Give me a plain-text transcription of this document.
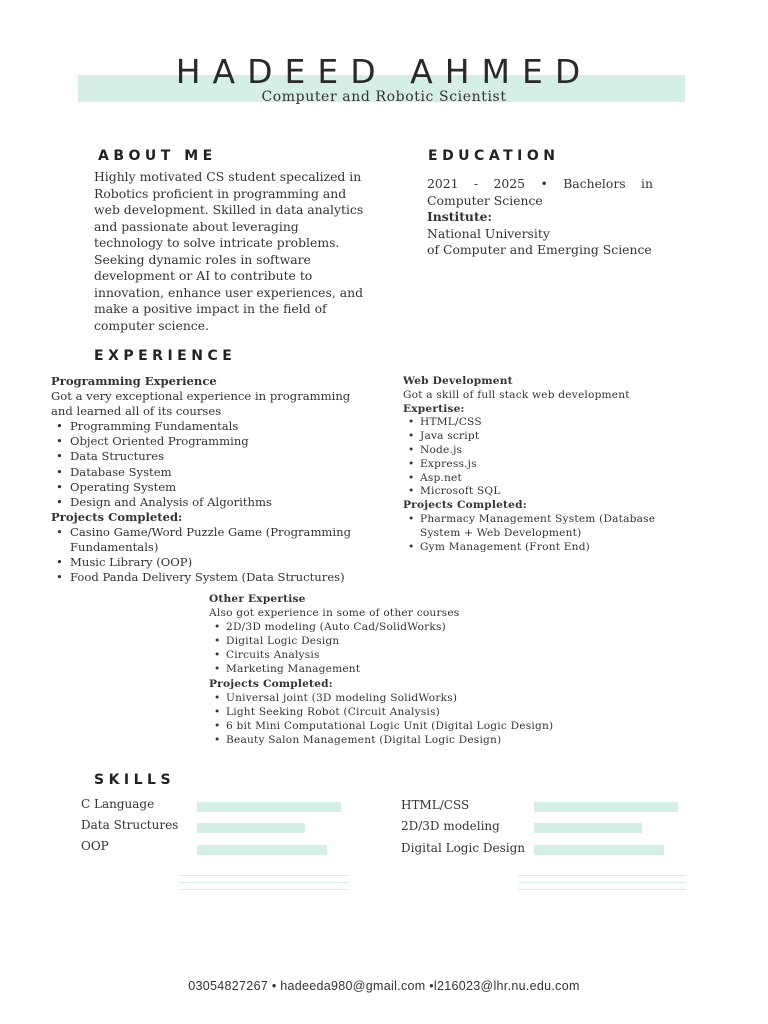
HADEED AHMED
Computer and Robotic Scientist
ABOUT ME
Highly motivated CS student specalized in Robotics proficient in programming and web development. Skilled in data analytics and passionate about leveraging technology to solve intricate problems. Seeking dynamic roles in software development or AI to contribute to innovation, enhance user experiences, and make a positive impact in the field of computer science.
EDUCATION
2021 - 2025 • Bachelors in Computer Science
Institute:
National University
of Computer and Emerging Science
EXPERIENCE
Programming Experience
Got a very exceptional experience in programming and learned all of its courses
• Programming Fundamentals
• Object Oriented Programming
• Data Structures
• Database System
• Operating System
• Design and Analysis of Algorithms
Projects Completed:
• Casino Game/Word Puzzle Game (Programming Fundamentals)
• Music Library (OOP)
• Food Panda Delivery System (Data Structures)
Web Development
Got a skill of full stack web development
Expertise:
• HTML/CSS
• Java script
• Node.js
• Express.js
• Asp.net
• Microsoft SQL
Projects Completed:
• Pharmacy Management System (Database System + Web Development)
• Gym Management (Front End)
Other Expertise
Also got experience in some of other courses
• 2D/3D modeling (Auto Cad/SolidWorks)
• Digital Logic Design
• Circuits Analysis
• Marketing Management
Projects Completed:
• Universal joint (3D modeling SolidWorks)
• Light Seeking Robot (Circuit Analysis)
• 6 bit Mini Computational Logic Unit (Digital Logic Design)
• Beauty Salon Management (Digital Logic Design)
SKILLS
C Language
Data Structures
OOP
HTML/CSS
2D/3D modeling
Digital Logic Design
03054827267 • hadeeda980@gmail.com •l216023@lhr.nu.edu.com
